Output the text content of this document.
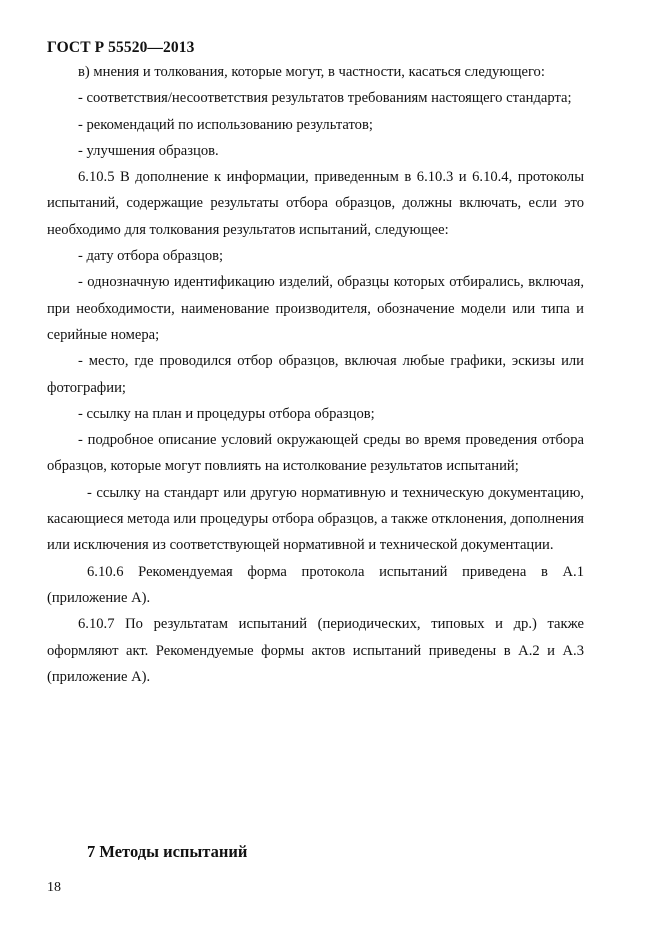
ГОСТ Р 55520—2013

в) мнения и толкования, которые могут, в частности, касаться следующего:

- соответствия/несоответствия результатов требованиям настоящего стандарта;

- рекомендаций по использованию результатов;

- улучшения образцов.

6.10.5 В дополнение к информации, приведенным в 6.10.3 и 6.10.4, протоколы испытаний, содержащие результаты отбора образцов, должны включать, если это необходимо для толкования результатов испытаний, следующее:

- дату отбора образцов;

- однозначную идентификацию изделий, образцы которых отбирались, включая, при необходимости, наименование производителя, обозначение модели или типа и серийные номера;

- место, где проводился отбор образцов, включая любые графики, эскизы или фотографии;

- ссылку на план и процедуры отбора образцов;

- подробное описание условий окружающей среды во время проведения отбора образцов, которые могут повлиять на истолкование результатов испытаний;

- ссылку на стандарт или другую нормативную и техническую документацию, касающиеся метода или процедуры отбора образцов, а также отклонения, дополнения или исключения из соответствующей нормативной и технической документации.

6.10.6 Рекомендуемая форма протокола испытаний приведена в А.1 (приложение А).

6.10.7 По результатам испытаний (периодических, типовых и др.) также оформляют акт. Рекомендуемые формы актов испытаний приведены в А.2 и А.3 (приложение А).

7 Методы испытаний
18
